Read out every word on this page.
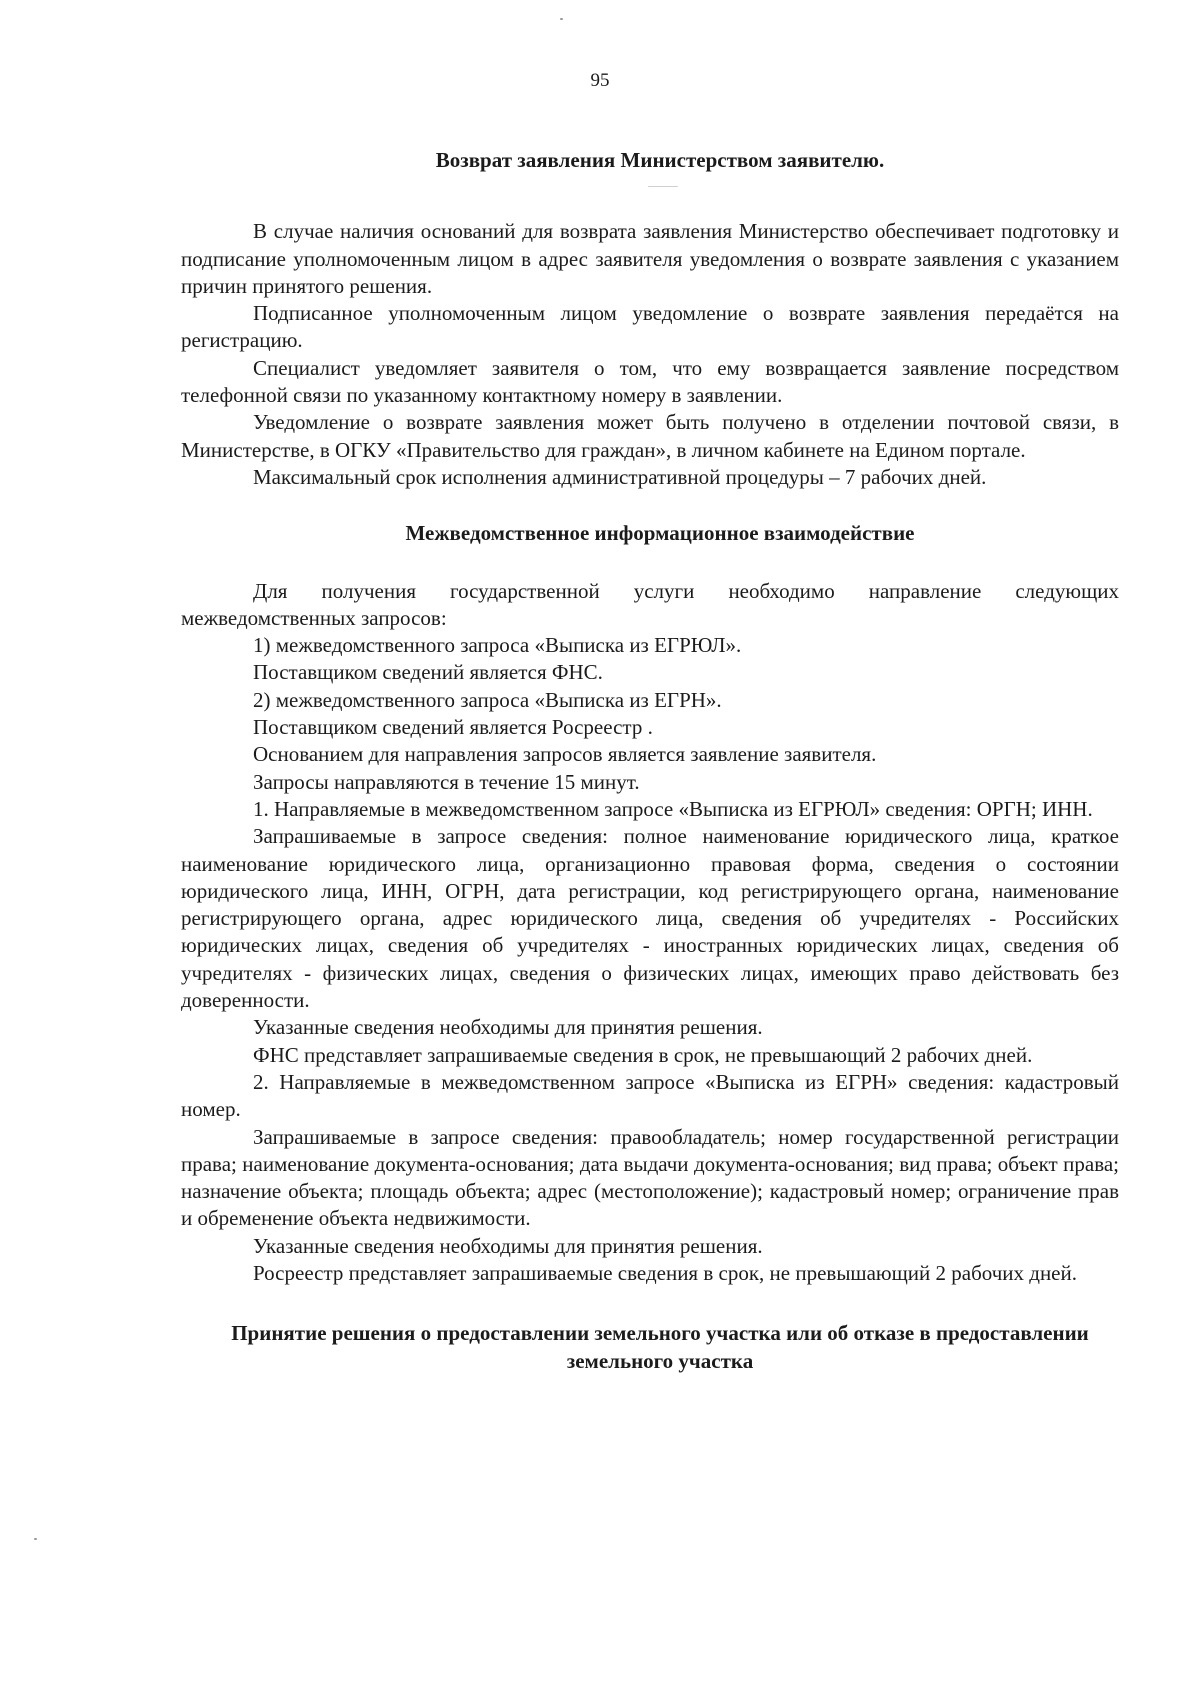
95
Возврат заявления Министерством заявителю.

В случае наличия оснований для возврата заявления Министерство обеспечивает подготовку и подписание уполномоченным лицом в адрес заявителя уведомления о возврате заявления с указанием причин принятого решения.

Подписанное уполномоченным лицом уведомление о возврате заявления передаётся на регистрацию.

Специалист уведомляет заявителя о том, что ему возвращается заявление посредством телефонной связи по указанному контактному номеру в заявлении.

Уведомление о возврате заявления может быть получено в отделении почтовой связи, в Министерстве, в ОГКУ «Правительство для граждан», в личном кабинете на Едином портале.

Максимальный срок исполнения административной процедуры – 7 рабочих дней.

Межведомственное информационное взаимодействие

Для получения государственной услуги необходимо направление следующих межведомственных запросов:

1) межведомственного запроса «Выписка из ЕГРЮЛ».

Поставщиком сведений является ФНС.

2) межведомственного запроса «Выписка из ЕГРН».

Поставщиком сведений является Росреестр .

Основанием для направления запросов является заявление заявителя.

Запросы направляются в течение 15 минут.

1. Направляемые в межведомственном запросе «Выписка из ЕГРЮЛ» сведения: ОРГН; ИНН.

Запрашиваемые в запросе сведения: полное наименование юридического лица, краткое наименование юридического лица, организационно правовая форма, сведения о состоянии юридического лица, ИНН, ОГРН, дата регистрации, код регистрирующего органа, наименование регистрирующего органа, адрес юридического лица, сведения об учредителях - Российских юридических лицах, сведения об учредителях - иностранных юридических лицах, сведения об учредителях - физических лицах, сведения о физических лицах, имеющих право действовать без доверенности.

Указанные сведения необходимы для принятия решения.

ФНС представляет запрашиваемые сведения в срок, не превышающий 2 рабочих дней.

2. Направляемые в межведомственном запросе «Выписка из ЕГРН» сведения: кадастровый номер.

Запрашиваемые в запросе сведения: правообладатель; номер государственной регистрации права; наименование документа-основания; дата выдачи документа-основания; вид права; объект права; назначение объекта; площадь объекта; адрес (местоположение); кадастровый номер; ограничение прав и обременение объекта недвижимости.

Указанные сведения необходимы для принятия решения.

Росреестр представляет запрашиваемые сведения в срок, не превышающий 2 рабочих дней.

Принятие решения о предоставлении земельного участка или об отказе в предоставлении земельного участка
